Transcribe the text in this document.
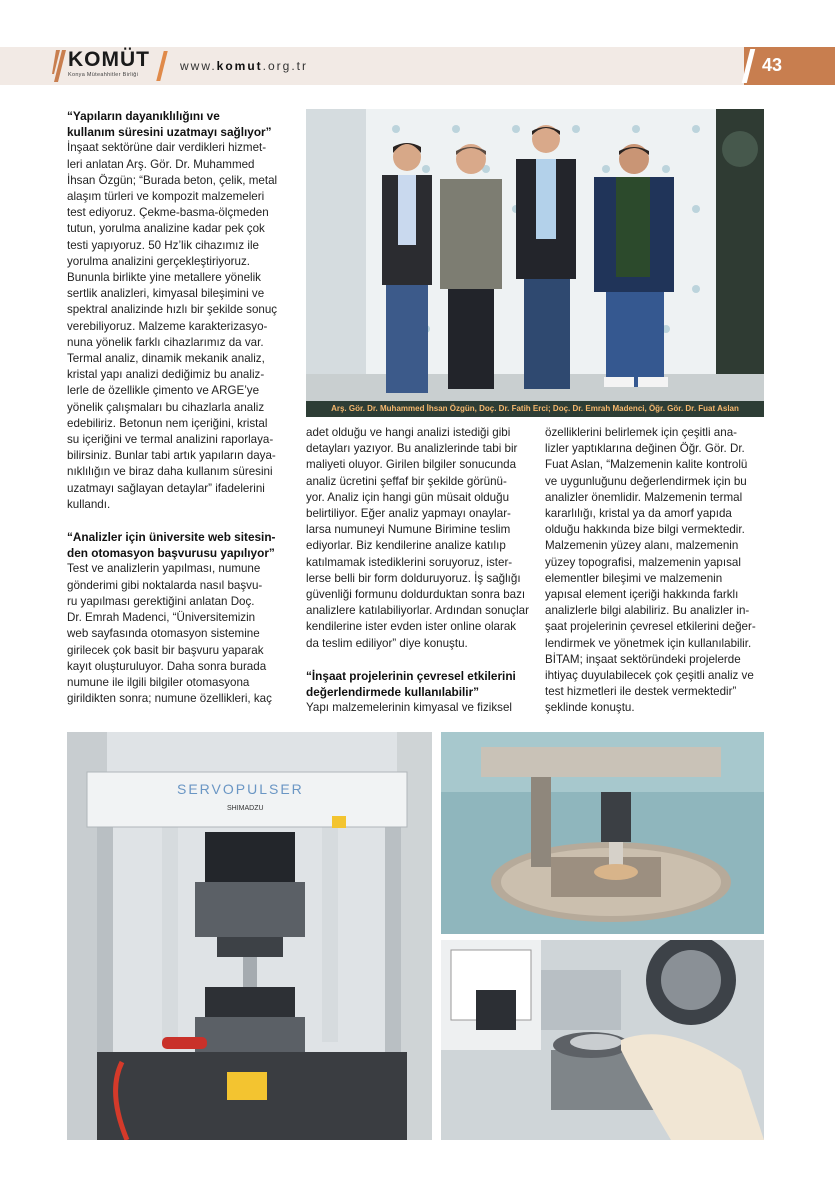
KOMÜT
Konya Müteahhitler Birliği
www.komut.org.tr	43
“Yapıların dayanıklılığını ve
kullanım süresini uzatmayı sağlıyor”

İnşaat sektörüne dair verdikleri hizmet-
leri anlatan Arş. Gör. Dr. Muhammed
İhsan Özgün; “Burada beton, çelik, metal
alaşım türleri ve kompozit malzemeleri
test ediyoruz. Çekme-basma-ölçmeden
tutun, yorulma analizine kadar pek çok
testi yapıyoruz. 50 Hz’lik cihazımız ile
yorulma analizini gerçekleştiriyoruz.
Bununla birlikte yine metallere yönelik
sertlik analizleri, kimyasal bileşimini ve
spektral analizinde hızlı bir şekilde sonuç
verebiliyoruz. Malzeme karakterizasyo-
nuna yönelik farklı cihazlarımız da var.
Termal analiz, dinamik mekanik analiz,
kristal yapı analizi dediğimiz bu analiz-
lerle de özellikle çimento ve ARGE’ye
yönelik çalışmaları bu cihazlarla analiz
edebiliriz. Betonun nem içeriğini, kristal
su içeriğini ve termal analizini raporlaya-
bilirsiniz. Bunlar tabi artık yapıların daya-
nıklılığın ve biraz daha kullanım süresini
uzatmayı sağlayan detaylar” ifadelerini
kullandı.

“Analizler için üniversite web sitesin-
den otomasyon başvurusu yapılıyor”

Test ve analizlerin yapılması, numune
gönderimi gibi noktalarda nasıl başvu-
ru yapılması gerektiğini anlatan Doç.
Dr. Emrah Madenci, “Üniversitemizin
web sayfasında otomasyon sistemine
girilecek çok basit bir başvuru yaparak
kayıt oluşturuluyor. Daha sonra burada
numune ile ilgili bilgiler otomasyona
girildikten sonra; numune özellikleri, kaç

Arş. Gör. Dr. Muhammed İhsan Özgün, Doç. Dr. Fatih Erci; Doç. Dr. Emrah Madenci, Öğr. Gör. Dr. Fuat Aslan

adet olduğu ve hangi analizi istediği gibi
detayları yazıyor. Bu analizlerinde tabi bir
maliyeti oluyor. Girilen bilgiler sonucunda
analiz ücretini şeffaf bir şekilde görünü-
yor. Analiz için hangi gün müsait olduğu
belirtiliyor. Eğer analiz yapmayı onaylar-
larsa numuneyi Numune Birimine teslim
ediyorlar. Biz kendilerine analize katılıp
katılmamak istediklerini soruyoruz, ister-
lerse belli bir form dolduruyoruz. İş sağlığı
güvenliği formunu doldurduktan sonra bazı
analizlere katılabiliyorlar. Ardından sonuçlar
kendilerine ister evden ister online olarak
da teslim ediliyor” diye konuştu.

“İnşaat projelerinin çevresel etkilerini
değerlendirmede kullanılabilir”

Yapı malzemelerinin kimyasal ve fiziksel

özelliklerini belirlemek için çeşitli ana-
lizler yaptıklarına değinen Öğr. Gör. Dr.
Fuat Aslan, “Malzemenin kalite kontrolü
ve uygunluğunu değerlendirmek için bu
analizler önemlidir. Malzemenin termal
kararlılığı, kristal ya da amorf yapıda
olduğu hakkında bize bilgi vermektedir.
Malzemenin yüzey alanı, malzemenin
yüzey topografisi, malzemenin yapısal
elementler bileşimi ve malzemenin
yapısal element içeriği hakkında farklı
analizlerle bilgi alabiliriz. Bu analizler in-
şaat projelerinin çevresel etkilerini değer-
lendirmek ve yönetmek için kullanılabilir.
BİTAM; inşaat sektöründeki projelerde
ihtiyaç duyulabilecek çok çeşitli analiz ve
test hizmetleri ile destek vermektedir”
şeklinde konuştu.

SERVOPULSER
SHIMADZU
